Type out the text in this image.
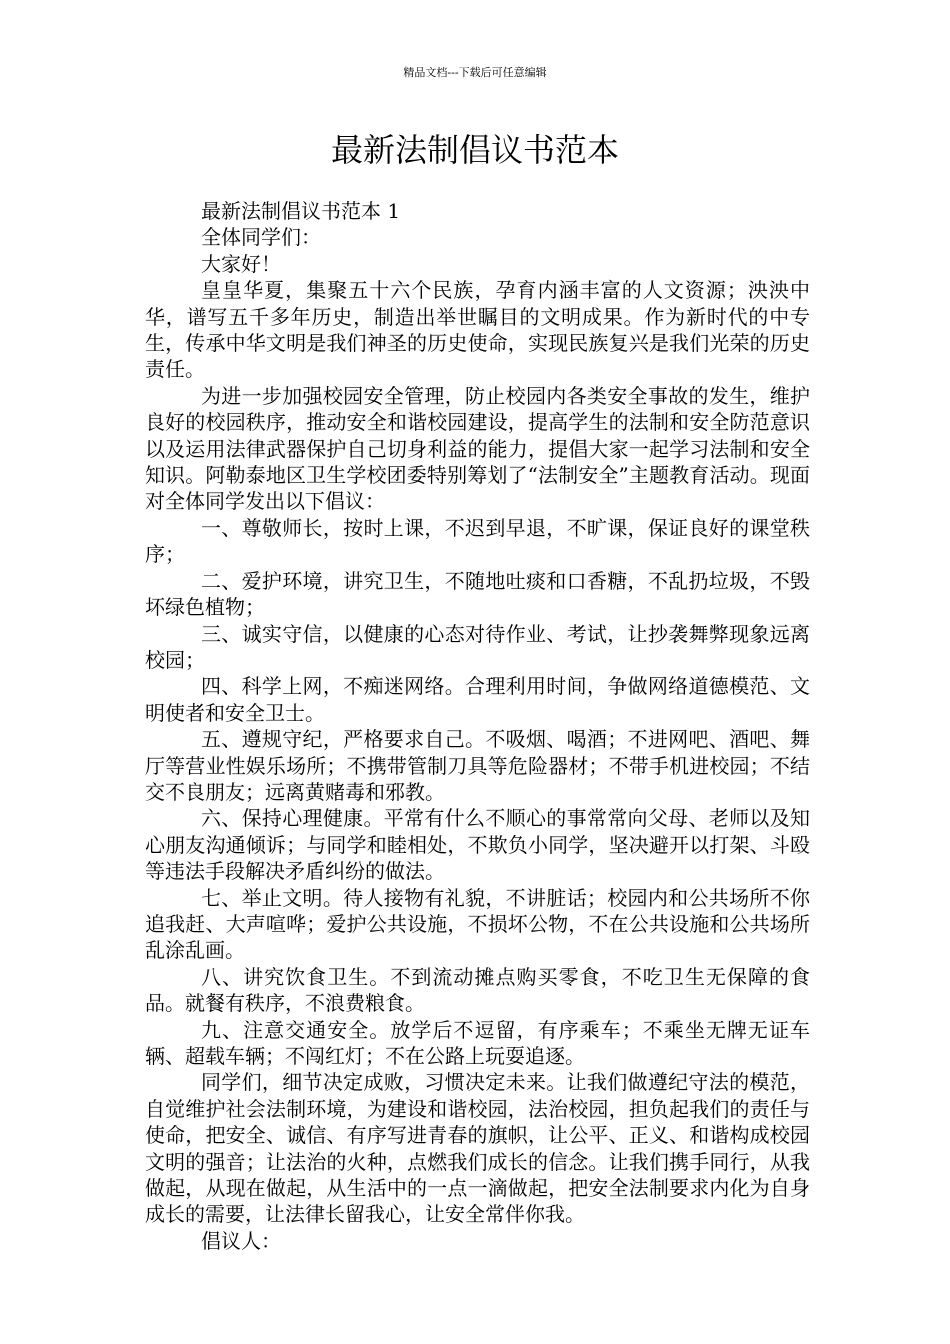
精品文档---下载后可任意编辑
最新法制倡议书范本

最新法制倡议书范本 1

全体同学们：

大家好！

皇皇华夏，集聚五十六个民族，孕育内涵丰富的人文资源；泱泱中华，谱写五千多年历史，制造出举世瞩目的文明成果。作为新时代的中专生，传承中华文明是我们神圣的历史使命，实现民族复兴是我们光荣的历史责任。

为进一步加强校园安全管理，防止校园内各类安全事故的发生，维护良好的校园秩序，推动安全和谐校园建设，提高学生的法制和安全防范意识以及运用法律武器保护自己切身利益的能力，提倡大家一起学习法制和安全知识。阿勒泰地区卫生学校团委特别筹划了“法制安全”主题教育活动。现面对全体同学发出以下倡议：

一、尊敬师长，按时上课，不迟到早退，不旷课，保证良好的课堂秩序；

二、爱护环境，讲究卫生，不随地吐痰和口香糖，不乱扔垃圾，不毁坏绿色植物；

三、诚实守信，以健康的心态对待作业、考试，让抄袭舞弊现象远离校园；

四、科学上网，不痴迷网络。合理利用时间，争做网络道德模范、文明使者和安全卫士。

五、遵规守纪，严格要求自己。不吸烟、喝酒；不进网吧、酒吧、舞厅等营业性娱乐场所；不携带管制刀具等危险器材；不带手机进校园；不结交不良朋友；远离黄赌毒和邪教。

六、保持心理健康。平常有什么不顺心的事常常向父母、老师以及知心朋友沟通倾诉；与同学和睦相处，不欺负小同学，坚决避开以打架、斗殴等违法手段解决矛盾纠纷的做法。

七、举止文明。待人接物有礼貌，不讲脏话；校园内和公共场所不你追我赶、大声喧哗；爱护公共设施，不损坏公物，不在公共设施和公共场所乱涂乱画。

八、讲究饮食卫生。不到流动摊点购买零食，不吃卫生无保障的食品。就餐有秩序，不浪费粮食。

九、注意交通安全。放学后不逗留，有序乘车；不乘坐无牌无证车辆、超载车辆；不闯红灯；不在公路上玩耍追逐。

同学们，细节决定成败，习惯决定未来。让我们做遵纪守法的模范，自觉维护社会法制环境，为建设和谐校园，法治校园，担负起我们的责任与使命，把安全、诚信、有序写进青春的旗帜，让公平、正义、和谐构成校园文明的强音；让法治的火种，点燃我们成长的信念。让我们携手同行，从我做起，从现在做起，从生活中的一点一滴做起，把安全法制要求内化为自身成长的需要，让法律长留我心，让安全常伴你我。

倡议人：
